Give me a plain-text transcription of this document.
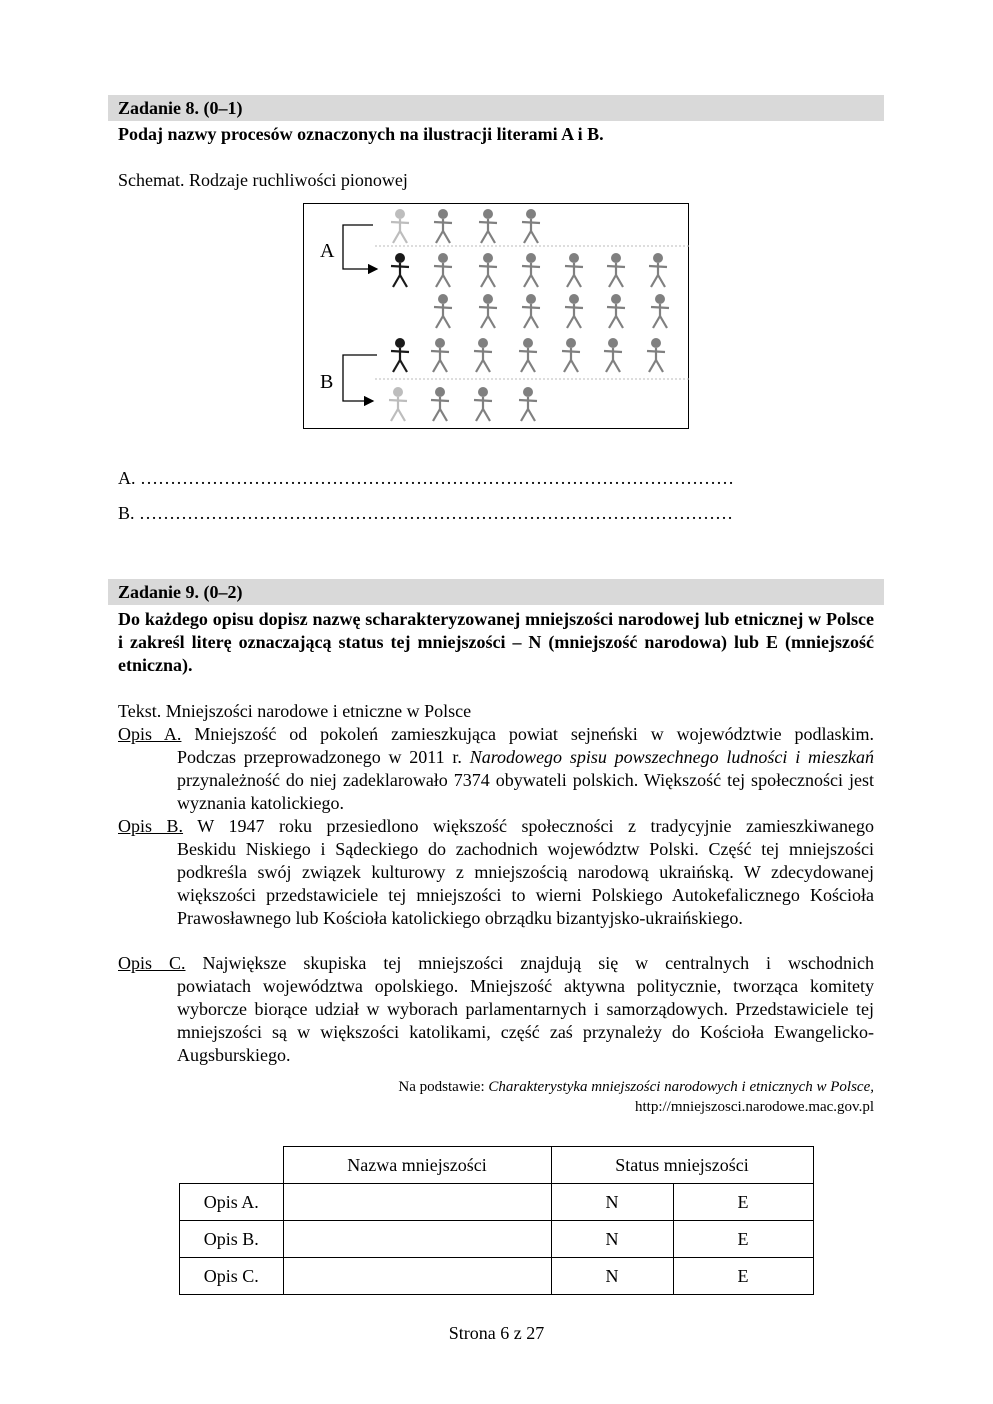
Zadanie 8. (0–1)
Podaj nazwy procesów oznaczonych na ilustracji literami A i B.
Schemat. Rodzaje ruchliwości pionowej
A
B
A. ………………………………………………………………………………………
B. ………………………………………………………………………………………
Zadanie 9. (0–2)
Do każdego opisu dopisz nazwę scharakteryzowanej mniejszości narodowej lub etnicznej w Polsce i zakreśl literę oznaczającą status tej mniejszości – N (mniejszość narodowa) lub E (mniejszość etniczna).
Tekst. Mniejszości narodowe i etniczne w Polsce

Opis A. Mniejszość od pokoleń zamieszkująca powiat sejneński w województwie podlaskim.

Podczas przeprowadzonego w 2011 r. Narodowego spisu powszechnego ludności i mieszkań przynależność do niej zadeklarowało 7374 obywateli polskich. Większość tej społeczności jest wyznania katolickiego.

Opis B. W 1947 roku przesiedlono większość społeczności z tradycyjnie zamieszkiwanego

Beskidu Niskiego i Sądeckiego do zachodnich województw Polski. Część tej mniejszości podkreśla swój związek kulturowy z mniejszością narodową ukraińską. W zdecydowanej większości przedstawiciele tej mniejszości to wierni Polskiego Autokefalicznego Kościoła Prawosławnego lub Kościoła katolickiego obrządku bizantyjsko-ukraińskiego.

Opis C. Największe skupiska tej mniejszości znajdują się w centralnych i wschodnich

powiatach województwa opolskiego. Mniejszość aktywna politycznie, tworząca komitety wyborcze biorące udział w wyborach parlamentarnych i samorządowych. Przedstawiciele tej mniejszości są w większości katolikami, część zaś przynależy do Kościoła Ewangelicko-Augsburskiego.
Na podstawie: Charakterystyka mniejszości narodowych i etnicznych w Polsce,
http://mniejszosci.narodowe.mac.gov.pl
	Nazwa mniejszości	Status mniejszości	
Opis A.		N	E
Opis B.		N	E
Opis C.		N	E
Strona 6 z 27
